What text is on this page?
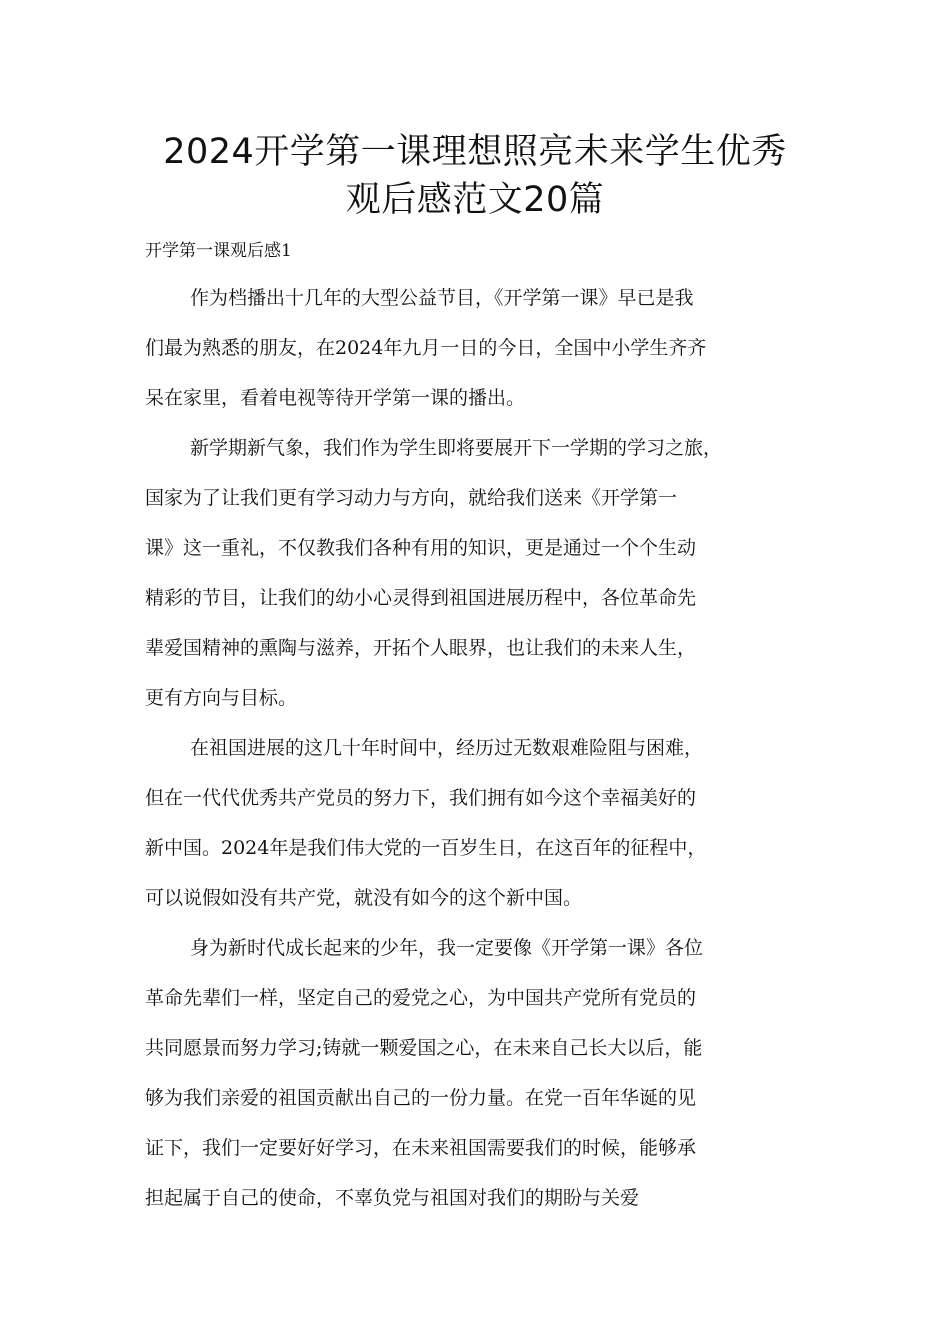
2024开学第一课理想照亮未来学生优秀
观后感范文20篇
开学第一课观后感1
作为档播出十几年的大型公益节目，《开学第一课》早已是我
们最为熟悉的朋友，在2024年九月一日的今日，全国中小学生齐齐
呆在家里，看着电视等待开学第一课的播出。
新学期新气象，我们作为学生即将要展开下一学期的学习之旅，
国家为了让我们更有学习动力与方向，就给我们送来《开学第一
课》这一重礼，不仅教我们各种有用的知识，更是通过一个个生动
精彩的节目，让我们的幼小心灵得到祖国进展历程中，各位革命先
辈爱国精神的熏陶与滋养，开拓个人眼界，也让我们的未来人生，
更有方向与目标。
在祖国进展的这几十年时间中，经历过无数艰难险阻与困难，
但在一代代优秀共产党员的努力下，我们拥有如今这个幸福美好的
新中国。2024年是我们伟大党的一百岁生日，在这百年的征程中，
可以说假如没有共产党，就没有如今的这个新中国。
身为新时代成长起来的少年，我一定要像《开学第一课》各位
革命先辈们一样，坚定自己的爱党之心，为中国共产党所有党员的
共同愿景而努力学习;铸就一颗爱国之心，在未来自己长大以后，能
够为我们亲爱的祖国贡献出自己的一份力量。在党一百年华诞的见
证下，我们一定要好好学习，在未来祖国需要我们的时候，能够承
担起属于自己的使命，不辜负党与祖国对我们的期盼与关爱
